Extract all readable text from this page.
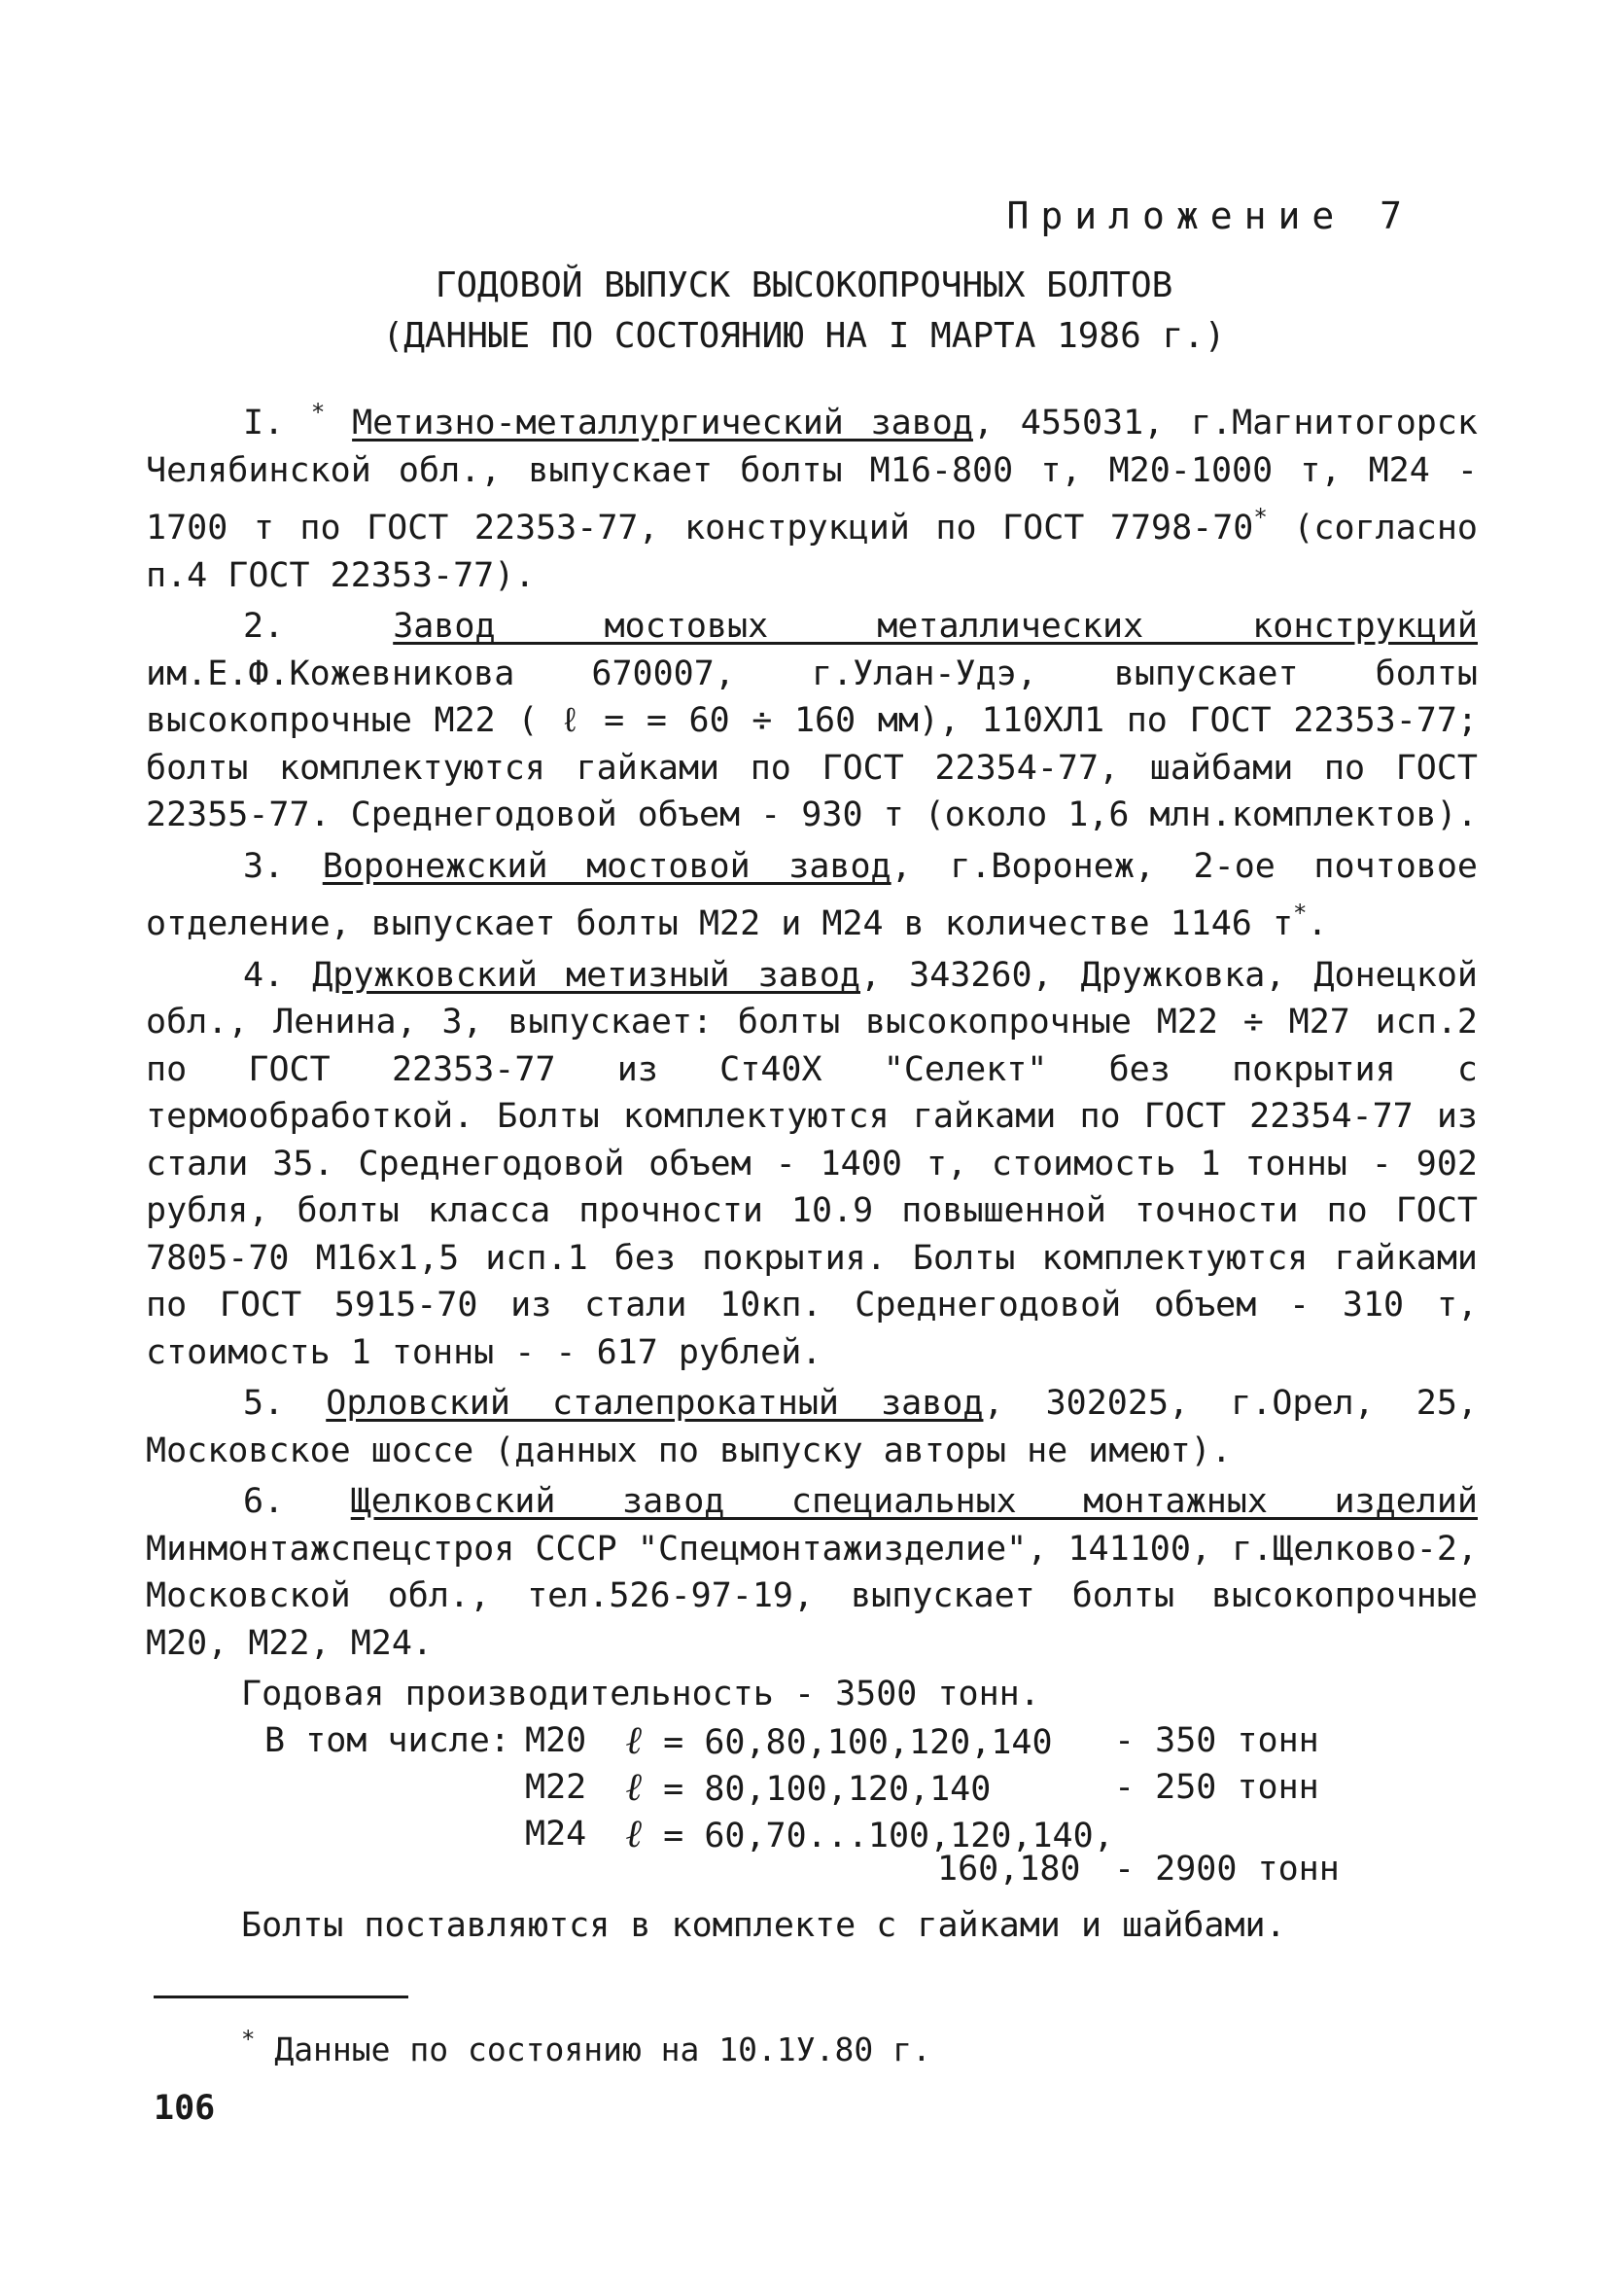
Приложение 7
ГОДОВОЙ ВЫПУСК ВЫСОКОПРОЧНЫХ БОЛТОВ
(ДАННЫЕ ПО СОСТОЯНИЮ НА I МАРТА 1986 г.)

I. * Метизно-металлургический завод, 455031, г.Магнитогорск Челябинской обл., выпускает болты М16-800 т, М20-1000 т, М24 - 1700 т по ГОСТ 22353-77, конструкций по ГОСТ 7798-70* (согласно п.4 ГОСТ 22353-77).

2.	Завод мостовых металлических конструкций им.Е.Ф.Кожевникова 670007, г.Улан-Удэ, выпускает болты высокопрочные М22 ( ℓ = = 60 ÷ 160 мм), 110ХЛ1 по ГОСТ 22353-77; болты комплектуются гайками по ГОСТ 22354-77, шайбами по ГОСТ 22355-77. Среднегодовой объем - 930 т (около 1,6 млн.комплектов).

3. Воронежский мостовой завод, г.Воронеж, 2-ое почтовое отделение, выпускает болты М22 и М24 в количестве 1146 т*.

4. Дружковский метизный завод, 343260, Дружковка, Донецкой обл., Ленина, 3, выпускает: болты высокопрочные М22 ÷ М27 исп.2 по ГОСТ 22353-77 из Ст40Х "Селект" без покрытия с термообработкой. Болты комплектуются гайками по ГОСТ 22354-77 из стали 35. Среднегодовой объем - 1400 т, стоимость 1 тонны - 902 рубля, болты класса прочности 10.9 повышенной точности по ГОСТ 7805-70 М16х1,5 исп.1 без покрытия. Болты комплектуются гайками по ГОСТ 5915-70 из стали 10кп. Среднегодовой объем - 310 т, стоимость 1 тонны - - 617 рублей.

5. Орловский сталепрокатный завод, 302025, г.Орел, 25, Московское шоссе (данных по выпуску авторы не имеют).

6. Щелковский завод специальных монтажных изделий Минмонтажспецстроя СССР "Спецмонтажизделие", 141100, г.Щелково-2, Московской обл., тел.526-97-19, выпускает болты высокопрочные М20, М22, М24.

Годовая производительность - 3500 тонн.
В том числе: М20 ℓ = 60,80,100,120,140 - 350 тонн
М22 ℓ = 80,100,120,140	- 250 тонн
М24 ℓ = 60,70...100,120,140,
160,180 - 2900 тонн
Болты поставляются в комплекте с гайками и шайбами.
* Данные по состоянию на 10.1У.80 г.
106
